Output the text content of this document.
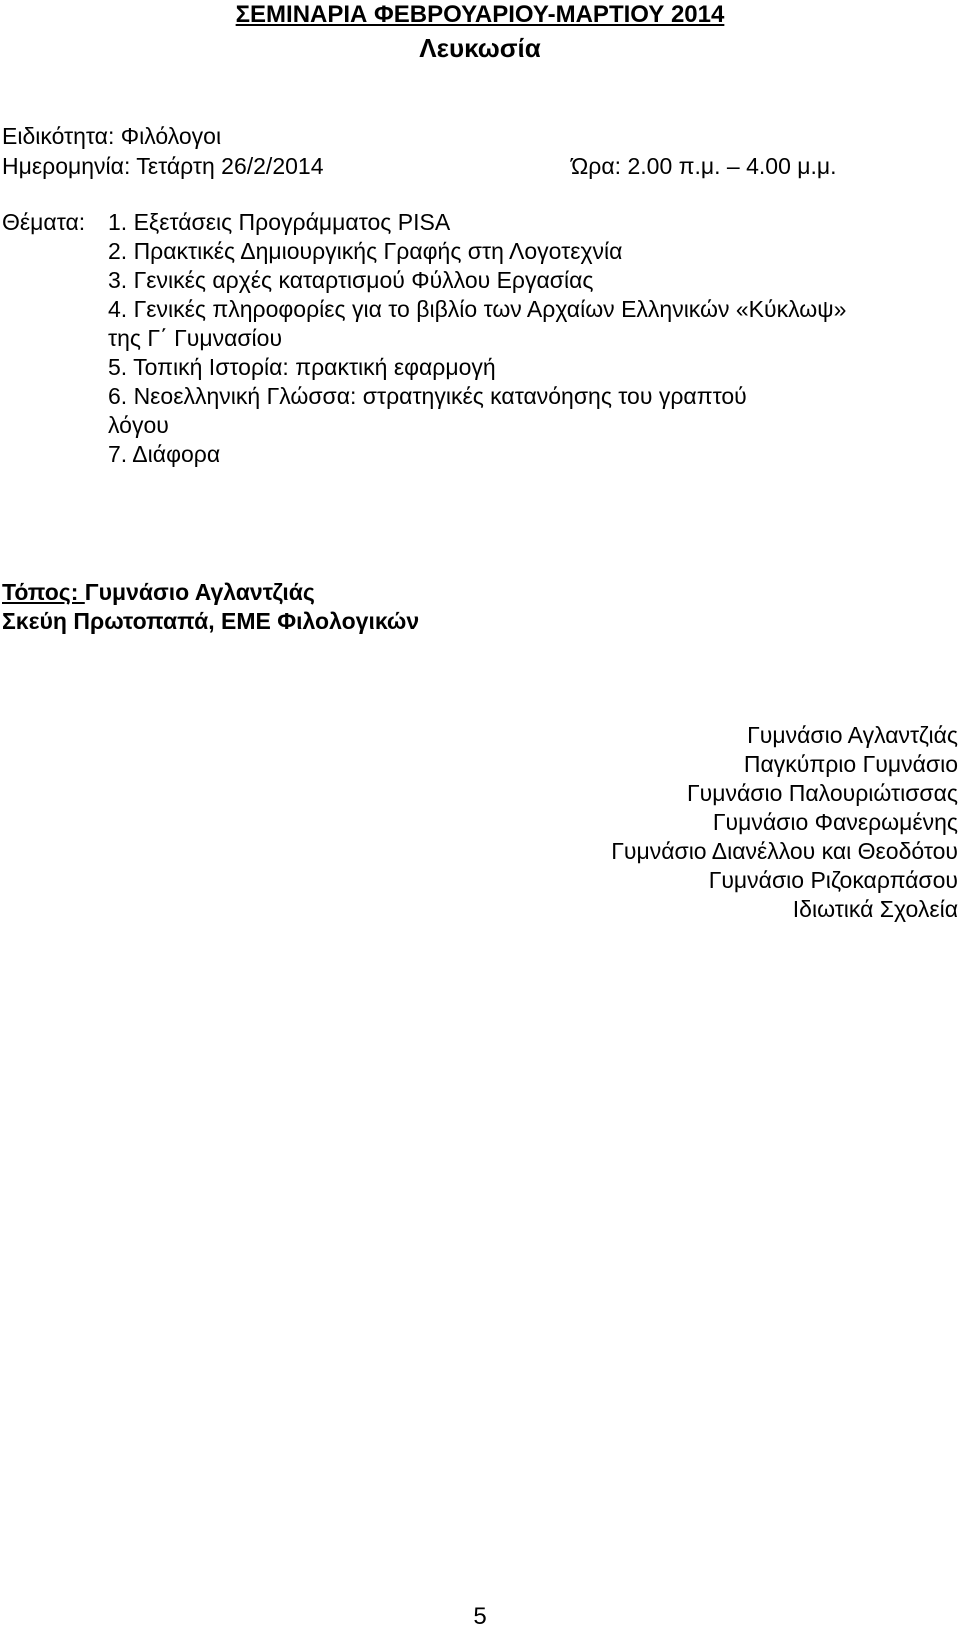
ΣΕΜΙΝΑΡΙΑ ΦΕΒΡΟΥΑΡΙΟΥ-ΜΑΡΤΙΟΥ 2014
Λευκωσία
Ειδικότητα: Φιλόλογοι
Ημερομηνία: Τετάρτη 26/2/2014	Ώρα: 2.00 π.μ. – 4.00 μ.μ.
Θέματα: 1. Εξετάσεις Προγράμματος PISA
2. Πρακτικές Δημιουργικής Γραφής στη Λογοτεχνία
3. Γενικές αρχές καταρτισμού Φύλλου Εργασίας
4. Γενικές πληροφορίες για το βιβλίο των Αρχαίων Ελληνικών «Κύκλωψ»
της Γ΄ Γυμνασίου
5. Τοπική Ιστορία: πρακτική εφαρμογή
6. Νεοελληνική Γλώσσα: στρατηγικές κατανόησης του γραπτού
λόγου
7. Διάφορα
Τόπος: Γυμνάσιο Αγλαντζιάς
Σκεύη Πρωτοπαπά, ΕΜΕ Φιλολογικών
Γυμνάσιο Αγλαντζιάς
Παγκύπριο Γυμνάσιο
Γυμνάσιο Παλουριώτισσας
Γυμνάσιο Φανερωμένης
Γυμνάσιο Διανέλλου και Θεοδότου
Γυμνάσιο Ριζοκαρπάσου
Ιδιωτικά Σχολεία
5
